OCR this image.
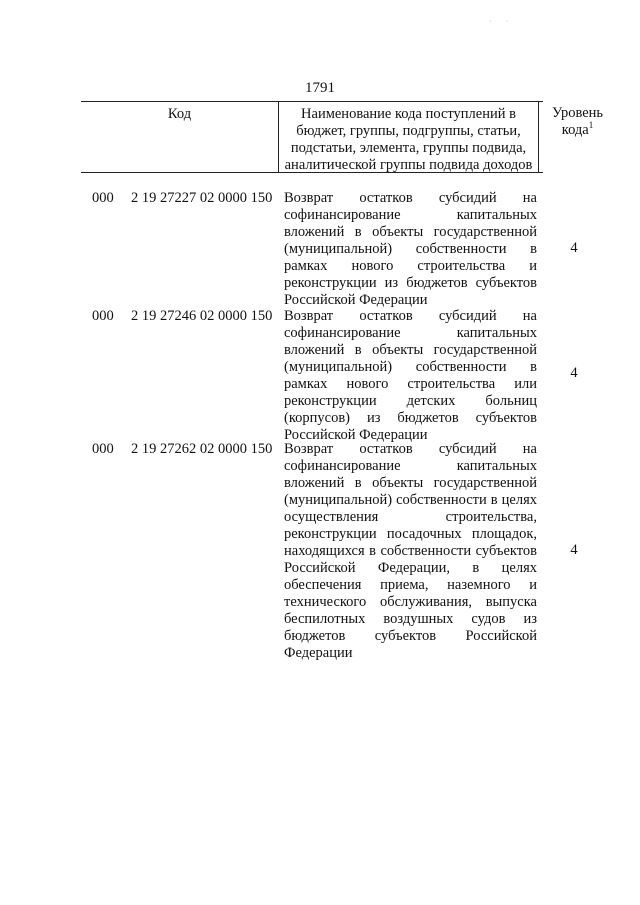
· ·
1791
Код	Наименование кода поступлений в бюджет, группы, подгруппы, статьи, подстатьи, элемента, группы подвида, аналитической группы подвида доходов
Уровень кода$^1$
000 2 19 27227 02 0000 150 Возврат остатков субсидий на софинансирование капитальных вложений в объекты государственной (муниципальной) собственности в рамках нового строительства и реконструкции из бюджетов субъектов Российской Федерации
4
000 2 19 27246 02 0000 150 Возврат остатков субсидий на софинансирование капитальных вложений в объекты государственной (муниципальной) собственности в рамках нового строительства или реконструкции детских больниц (корпусов) из бюджетов субъектов Российской Федерации
4
000 2 19 27262 02 0000 150 Возврат остатков субсидий на софинансирование капитальных вложений в объекты государственной (муниципальной) собственности в целях осуществления строительства, реконструкции посадочных площадок, находящихся в собственности субъектов Российской Федерации, в целях обеспечения приема, наземного и технического обслуживания, выпуска беспилотных воздушных судов из бюджетов субъектов Российской Федерации
4
